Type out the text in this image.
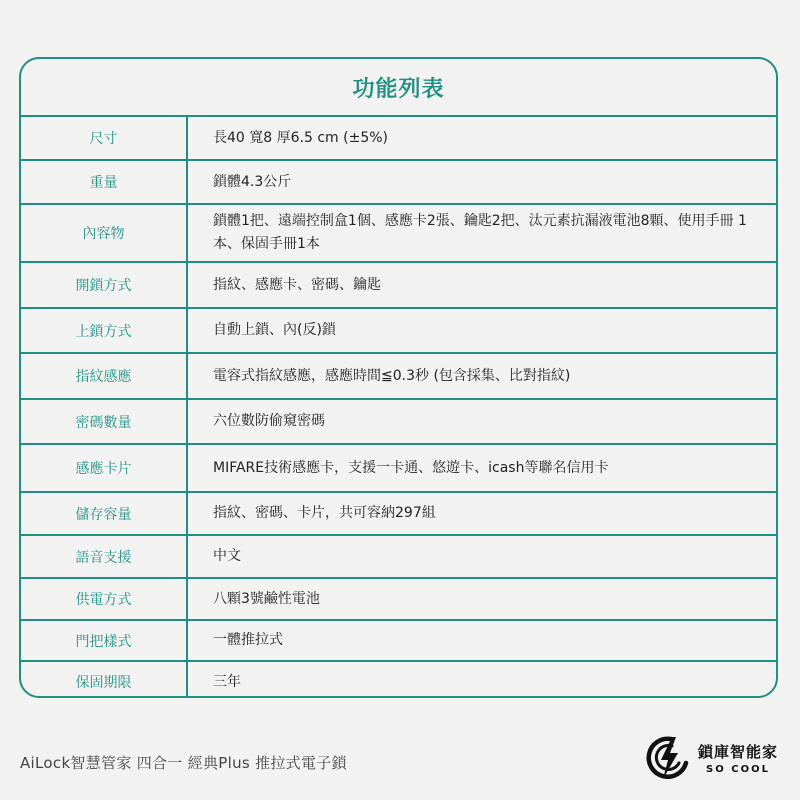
功能列表
尺寸	長40 寬8 厚6.5 cm (±5%)
重量	鎖體4.3公斤
內容物	鎖體1把、遠端控制盒1個、感應卡2張、鑰匙2把、汰元素抗漏液電池8顆、使用手冊 1本、保固手冊1本
開鎖方式	指紋、感應卡、密碼、鑰匙
上鎖方式	自動上鎖、內(反)鎖
指紋感應	電容式指紋感應，感應時間≦0.3秒 (包含採集、比對指紋)
密碼數量	六位數防偷窺密碼
感應卡片	MIFARE技術感應卡，支援一卡通、悠遊卡、icash等聯名信用卡
儲存容量	指紋、密碼、卡片，共可容納297組
語音支援	中文
供電方式	八顆3號鹼性電池
門把樣式	一體推拉式
保固期限	三年
AiLock智慧管家 四合一 經典Plus 推拉式電子鎖
鎖庫智能家
SO COOL
